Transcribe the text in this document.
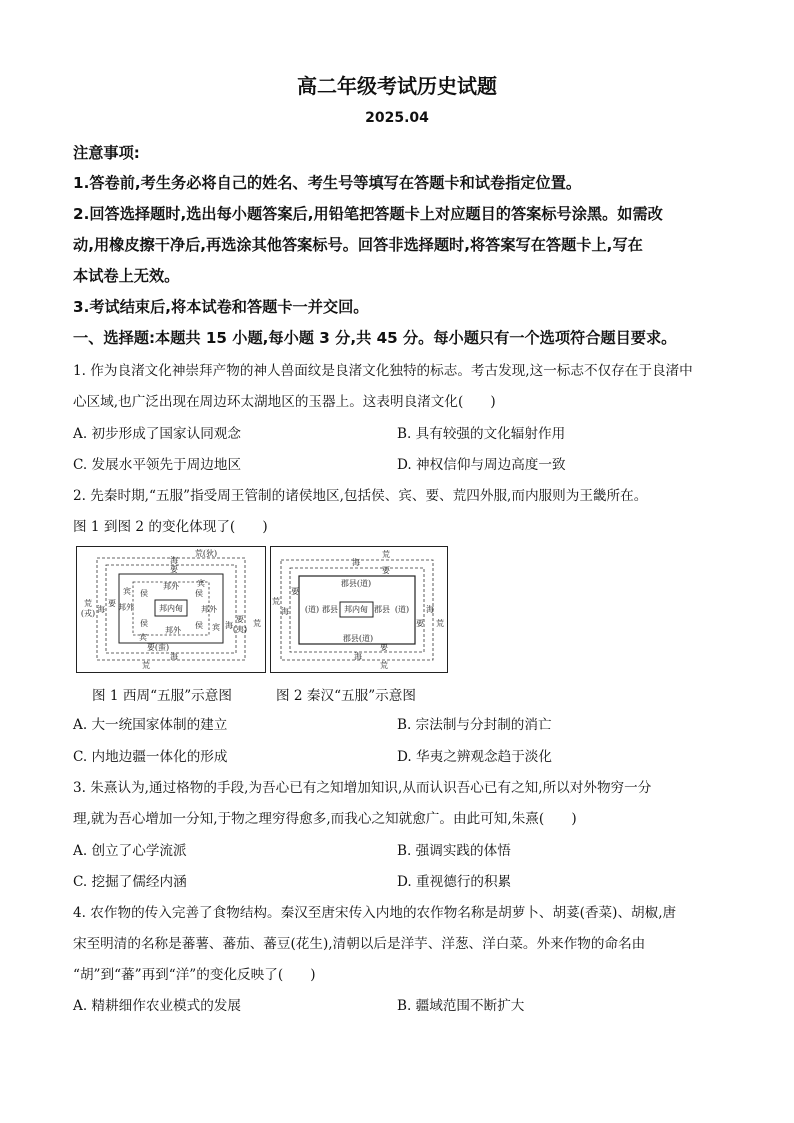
高二年级考试历史试题
2025.04
注意事项:
1.答卷前,考生务必将自己的姓名、考生号等填写在答题卡和试卷指定位置。
2.回答选择题时,选出每小题答案后,用铅笔把答题卡上对应题目的答案标号涂黑。如需改
动,用橡皮擦干净后,再选涂其他答案标号。回答非选择题时,将答案写在答题卡上,写在
本试卷上无效。
3.考试结束后,将本试卷和答题卡一并交回。
一、选择题:本题共 15 小题,每小题 3 分,共 45 分。每小题只有一个选项符合题目要求。
1. 作为良渚文化神崇拜产物的神人兽面纹是良渚文化独特的标志。考古发现,这一标志不仅存在于良渚中
心区域,也广泛出现在周边环太湖地区的玉器上。这表明良渚文化(　　)
A. 初步形成了国家认同观念	B. 具有较强的文化辐射作用
C. 发展水平领先于周边地区	D. 神权信仰与周边高度一致
2. 先秦时期,“五服”指受周王管制的诸侯地区,包括侯、宾、要、荒四外服,而内服则为王畿所在。
图 1 到图 2 的变化体现了(　　)
荒(狄)
海
要
荒
(戎) 海
要
宾
邦外 宾
侯	侯
邦外	邦内甸 邦外
侯	侯 宾
邦外
宾
要
(夷)
海	荒
要(蛮)
海
荒
荒
海
要
郡县(道)
荒
海
要
(道) 郡县 邦内甸 郡县 (道)
要
海
荒
郡县(道)
要
海
荒
图 1 西周“五服”示意图	图 2 秦汉“五服”示意图
A. 大一统国家体制的建立	B. 宗法制与分封制的消亡
C. 内地边疆一体化的形成	D. 华夷之辨观念趋于淡化
3. 朱熹认为,通过格物的手段,为吾心已有之知增加知识,从而认识吾心已有之知,所以对外物穷一分
理,就为吾心增加一分知,于物之理穷得愈多,而我心之知就愈广。由此可知,朱熹(　　)
A. 创立了心学流派	B. 强调实践的体悟
C. 挖掘了儒经内涵	D. 重视德行的积累
4. 农作物的传入完善了食物结构。秦汉至唐宋传入内地的农作物名称是胡萝卜、胡荽(香菜)、胡椒,唐
宋至明清的名称是蕃薯、蕃茄、蕃豆(花生),清朝以后是洋芋、洋葱、洋白菜。外来作物的命名由
“胡”到“蕃”再到“洋”的变化反映了(　　)
A. 精耕细作农业模式的发展	B. 疆域范围不断扩大
